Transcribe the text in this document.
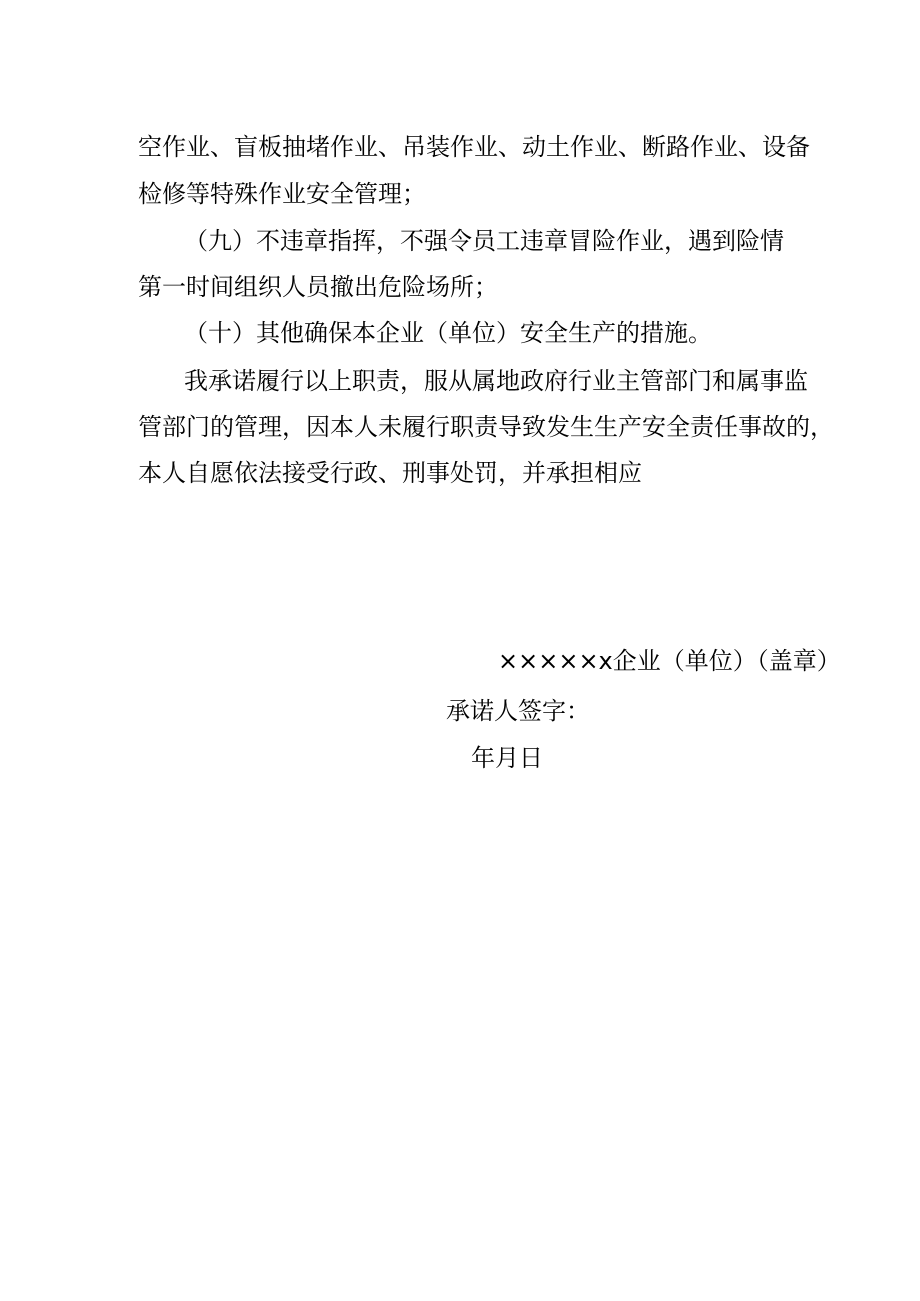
空作业、盲板抽堵作业、吊装作业、动土作业、断路作业、设备
检修等特殊作业安全管理；
（九）不违章指挥，不强令员工违章冒险作业，遇到险情
第一时间组织人员撤出危险场所；
（十）其他确保本企业（单位）安全生产的措施。
我承诺履行以上职责，服从属地政府行业主管部门和属事监
管部门的管理，因本人未履行职责导致发生生产安全责任事故的，
本人自愿依法接受行政、刑事处罚，并承担相应
×××××x企业（单位）（盖章）
承诺人签字：
年月日
